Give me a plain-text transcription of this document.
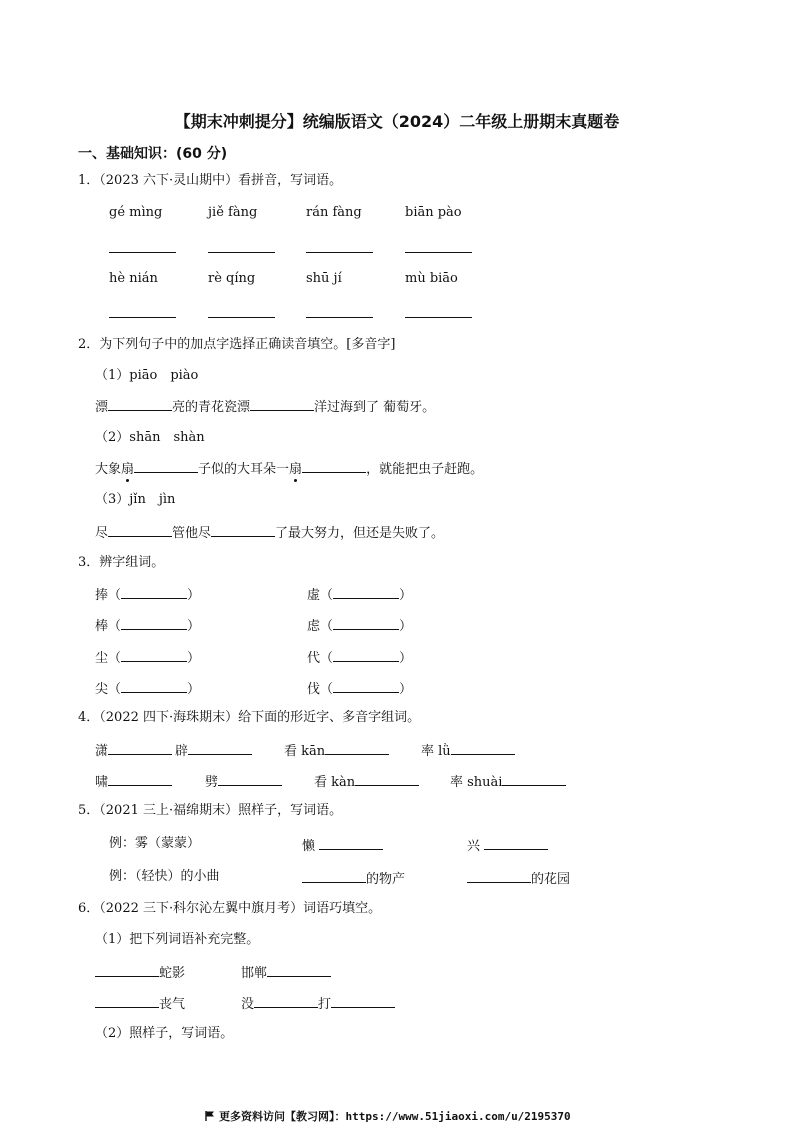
【期末冲刺提分】统编版语文（2024）二年级上册期末真题卷
一、基础知识：(60 分)
1．（2023 六下·灵山期中）看拼音，写词语。
gé mìng	jiě fàng	rán fàng	biān pào
hè nián	rè qíng	shū jí	mù biāo
2．为下列句子中的加点字选择正确读音填空。[多音字]
（1）piāo　piào
漂	亮的青花瓷漂	洋过海到了 葡萄牙。
（2）shān　shàn
大象扇	子似的大耳朵一扇	，就能把虫子赶跑。
（3）jǐn　jìn
尽	管他尽	了最大努力，但还是失败了。
3．辨字组词。
捧（	）	虚（	）
棒（	）	虑（	）
尘（	）	代（	）
尖（	）	伐（	）
4．（2022 四下·海珠期末）给下面的形近字、多音字组词。
潇	辟	看 kān	率 lǜ
啸	劈	看 kàn	率 shuài
5．（2021 三上·福绵期末）照样子，写词语。
例：雾（蒙蒙）	懒	兴
例：（轻快）的小曲	的物产	的花园
6．（2022 三下·科尔沁左翼中旗月考）词语巧填空。
（1）把下列词语补充完整。
蛇影	邯郸
丧气	没	打
（2）照样子，写词语。
更多资料访问【教习网】：https://www.51jiaoxi.com/u/2195370
